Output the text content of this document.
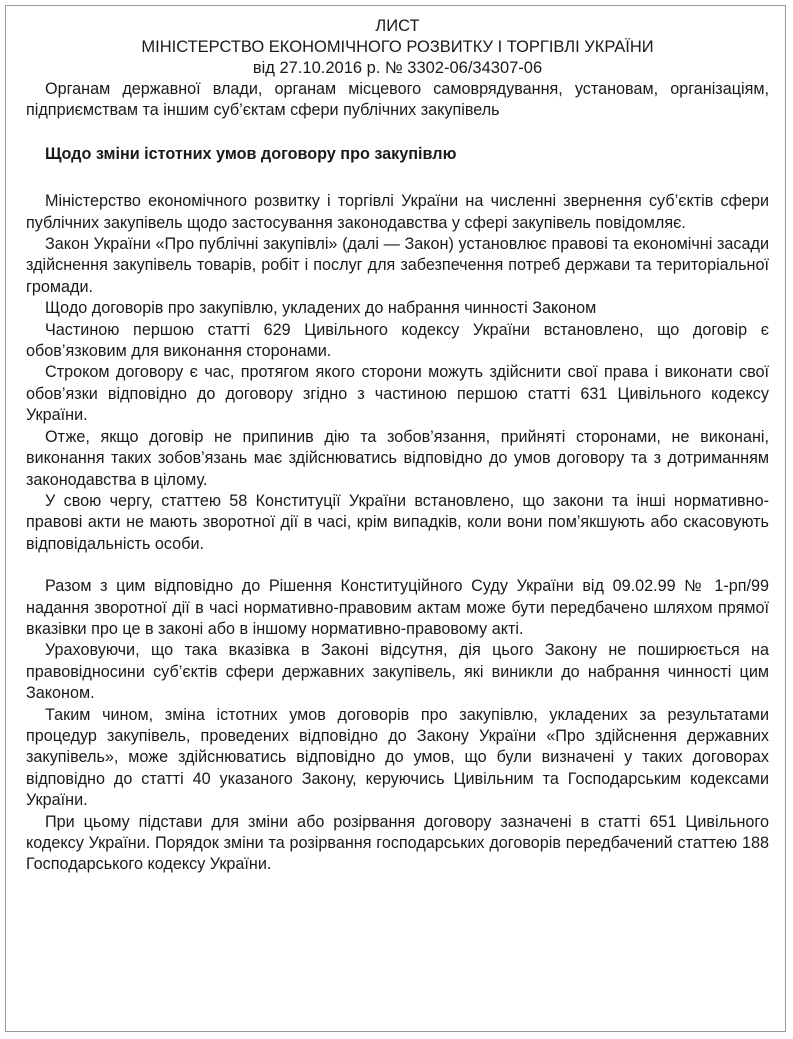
ЛИСТ
МІНІСТЕРСТВО ЕКОНОМІЧНОГО РОЗВИТКУ І ТОРГІВЛІ УКРАЇНИ
від 27.10.2016 р. № 3302-06/34307-06

Органам державної влади, органам місцевого самоврядування, установам, організаціям, підприємствам та іншим суб’єктам сфери публічних закупівель

Щодо зміни істотних умов договору про закупівлю

Міністерство економічного розвитку і торгівлі України на численні звернення суб’єктів сфери публічних закупівель щодо застосування законодавства у сфері закупівель повідомляє.

Закон України «Про публічні закупівлі» (далі — Закон) установлює правові та економічні засади здійснення закупівель товарів, робіт і послуг для забезпечення потреб держави та територіальної громади.

Щодо договорів про закупівлю, укладених до набрання чинності Законом

Частиною першою статті 629 Цивільного кодексу України встановлено, що договір є обов’язковим для виконання сторонами.

Строком договору є час, протягом якого сторони можуть здійснити свої права і виконати свої обов’язки відповідно до договору згідно з частиною першою статті 631 Цивільного кодексу України.

Отже, якщо договір не припинив дію та зобов’язання, прийняті сторонами, не виконані, виконання таких зобов’язань має здійснюватись відповідно до умов договору та з дотриманням законодавства в цілому.

У свою чергу, статтею 58 Конституції України встановлено, що закони та інші нормативно-правові акти не мають зворотної дії в часі, крім випадків, коли вони пом’якшують або скасовують відповідальність особи.

Разом з цим відповідно до Рішення Конституційного Суду України від 09.02.99 № 1-рп/99 надання зворотної дії в часі нормативно-правовим актам може бути передбачено шляхом прямої вказівки про це в законі або в іншому нормативно-правовому акті.

Ураховуючи, що така вказівка в Законі відсутня, дія цього Закону не поширюється на правовідносини суб’єктів сфери державних закупівель, які виникли до набрання чинності цим Законом.

Таким чином, зміна істотних умов договорів про закупівлю, укладених за результатами процедур закупівель, проведених відповідно до Закону України «Про здійснення державних закупівель», може здійснюватись відповідно до умов, що були визначені у таких договорах відповідно до статті 40 указаного Закону, керуючись Цивільним та Господарським кодексами України.

При цьому підстави для зміни або розірвання договору зазначені в статті 651 Цивільного кодексу України. Порядок зміни та розірвання господарських договорів передбачений статтею 188 Господарського кодексу України.
